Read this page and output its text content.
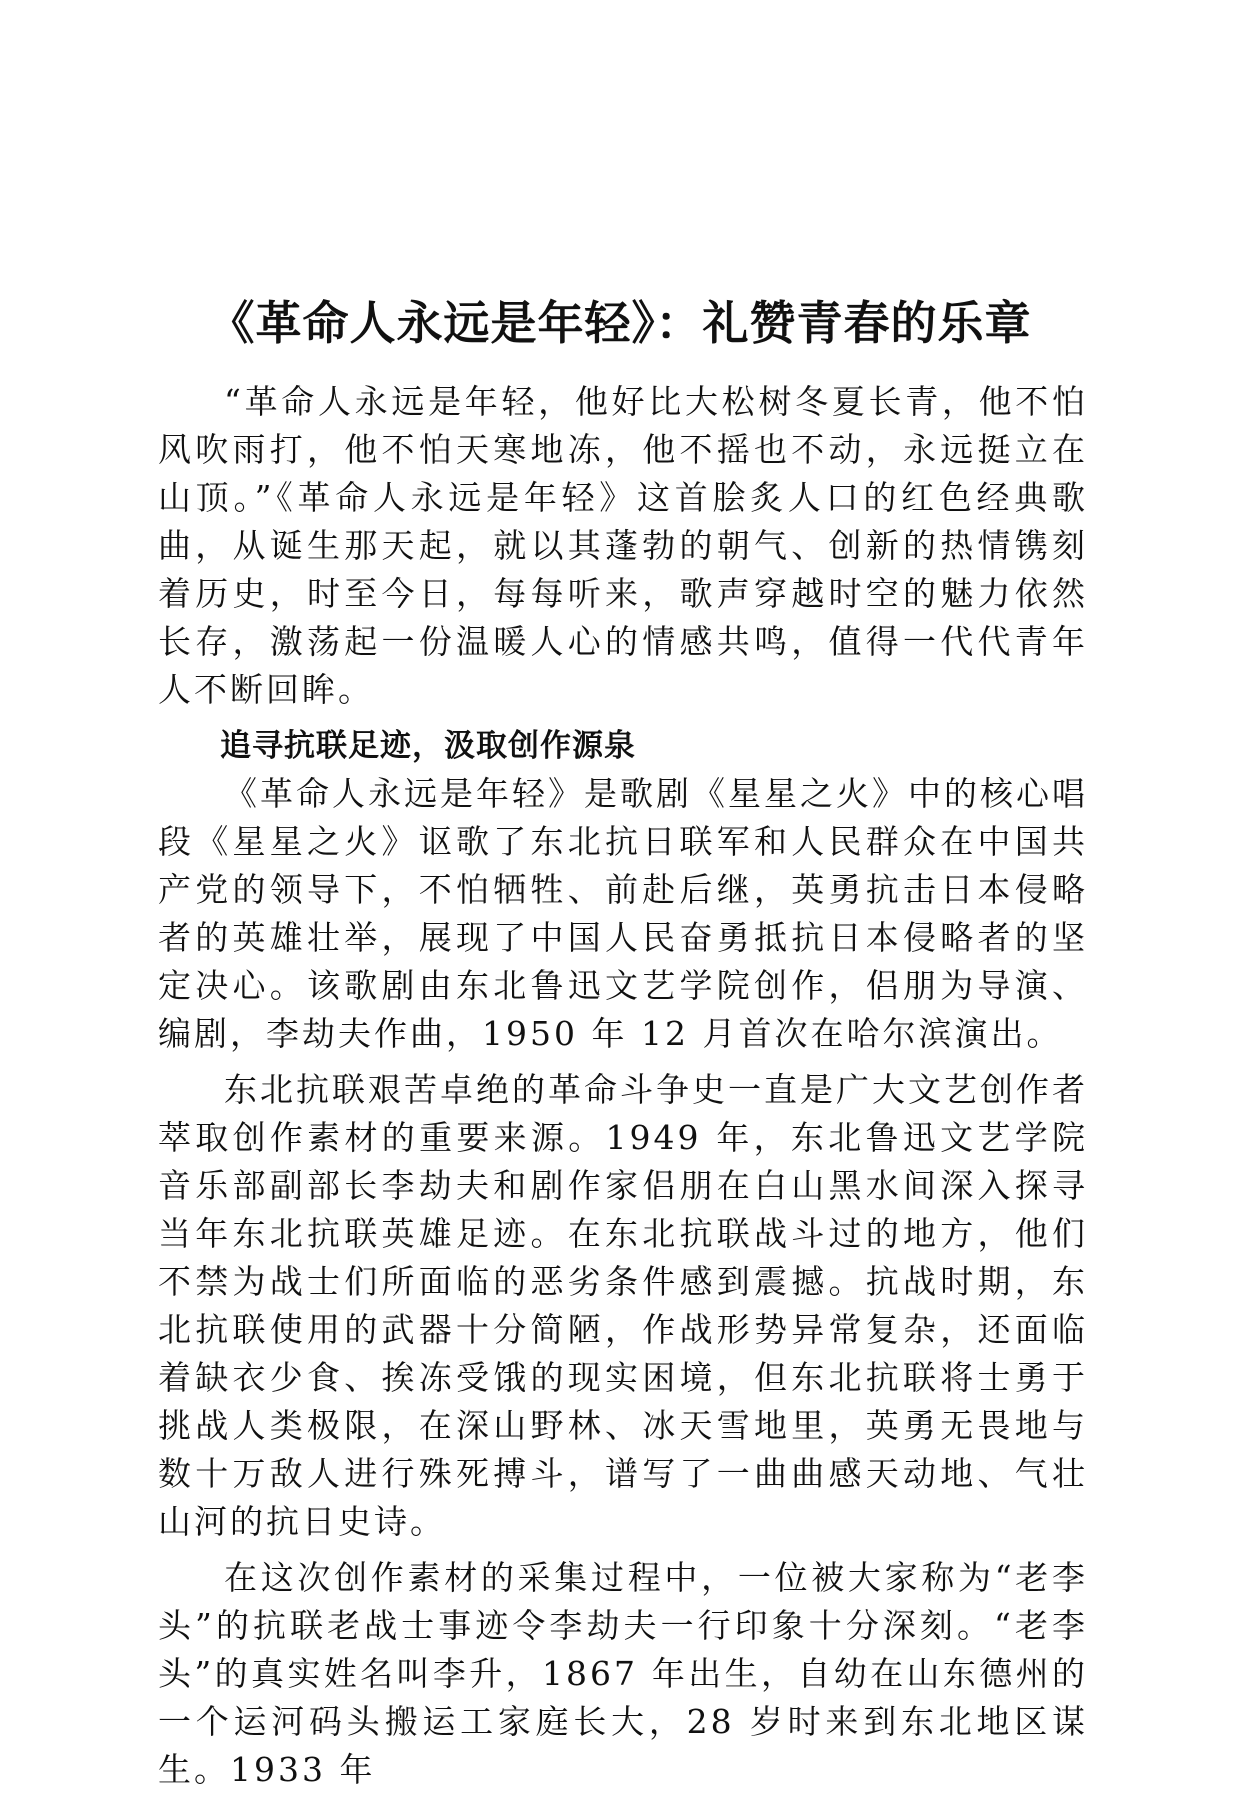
《革命人永远是年轻》：礼赞青春的乐章

“革命人永远是年轻，他好比大松树冬夏长青，他不怕风吹雨打，他不怕天寒地冻，他不摇也不动，永远挺立在山顶。”《革命人永远是年轻》这首脍炙人口的红色经典歌曲，从诞生那天起，就以其蓬勃的朝气、创新的热情镌刻着历史，时至今日，每每听来，歌声穿越时空的魅力依然长存，激荡起一份温暖人心的情感共鸣，值得一代代青年人不断回眸。

追寻抗联足迹，汲取创作源泉

《革命人永远是年轻》是歌剧《星星之火》中的核心唱段《星星之火》讴歌了东北抗日联军和人民群众在中国共产党的领导下，不怕牺牲、前赴后继，英勇抗击日本侵略者的英雄壮举，展现了中国人民奋勇抵抗日本侵略者的坚定决心。该歌剧由东北鲁迅文艺学院创作，侣朋为导演、编剧，李劫夫作曲，1950 年 12 月首次在哈尔滨演出。

东北抗联艰苦卓绝的革命斗争史一直是广大文艺创作者萃取创作素材的重要来源。1949 年，东北鲁迅文艺学院音乐部副部长李劫夫和剧作家侣朋在白山黑水间深入探寻当年东北抗联英雄足迹。在东北抗联战斗过的地方，他们不禁为战士们所面临的恶劣条件感到震撼。抗战时期，东北抗联使用的武器十分简陋，作战形势异常复杂，还面临着缺衣少食、挨冻受饿的现实困境，但东北抗联将士勇于挑战人类极限，在深山野林、冰天雪地里，英勇无畏地与数十万敌人进行殊死搏斗，谱写了一曲曲感天动地、气壮山河的抗日史诗。

在这次创作素材的采集过程中，一位被大家称为“老李头”的抗联老战士事迹令李劫夫一行印象十分深刻。“老李头”的真实姓名叫李升，1867 年出生，自幼在山东德州的一个运河码头搬运工家庭长大，28 岁时来到东北地区谋生。1933 年
